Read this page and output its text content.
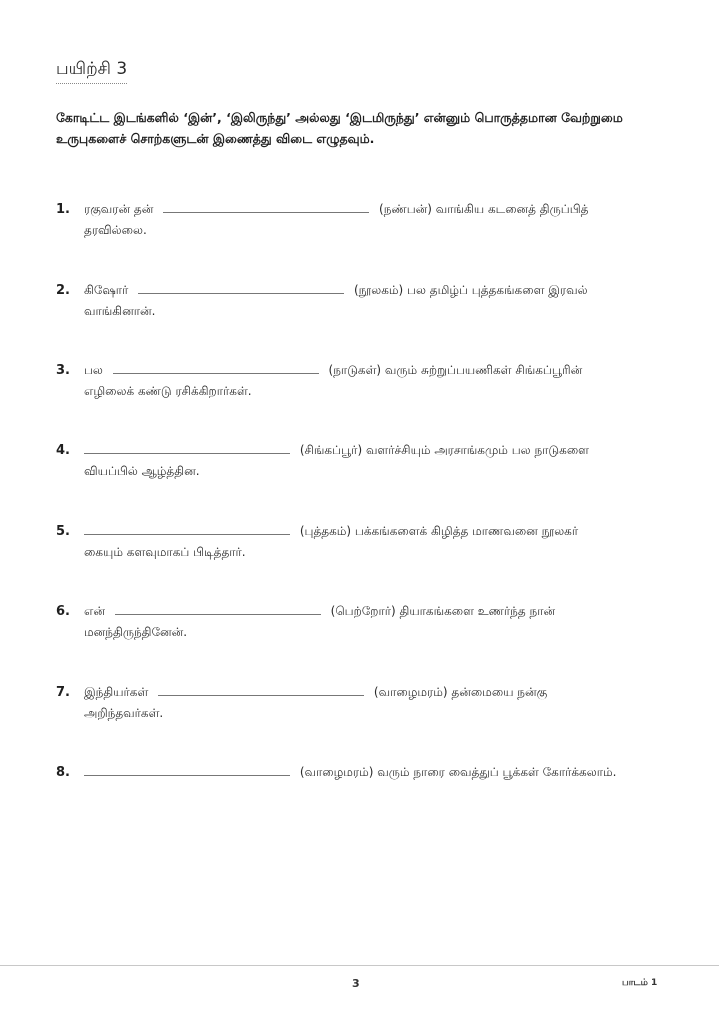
பயிற்சி 3
கோடிட்ட இடங்களில் ‘இன்’, ‘இலிருந்து’ அல்லது ‘இடமிருந்து’ என்னும் பொருத்தமான வேற்றுமை உருபுகளைச் சொற்களுடன் இணைத்து விடை எழுதவும்.
1. ரகுவரன் தன்	(நண்பன்) வாங்கிய கடனைத் திருப்பித்
தரவில்லை.
2. கிஷோர்	(நூலகம்) பல தமிழ்ப் புத்தகங்களை இரவல்
வாங்கினான்.
3. பல	(நாடுகள்) வரும் சுற்றுப்பயணிகள் சிங்கப்பூரின்
எழிலைக் கண்டு ரசிக்கிறார்கள்.
4.	(சிங்கப்பூர்) வளர்ச்சியும் அரசாங்கமும் பல நாடுகளை
வியப்பில் ஆழ்த்தின.
5.	(புத்தகம்) பக்கங்களைக் கிழித்த மாணவனை நூலகர்
கையும் களவுமாகப் பிடித்தார்.
6. என்	(பெற்றோர்) தியாகங்களை உணர்ந்த நான்
மனந்திருந்தினேன்.
7. இந்தியர்கள்	(வாழைமரம்) தன்மையை நன்கு
அறிந்தவர்கள்.
8.	(வாழைமரம்) வரும் நாரை வைத்துப் பூக்கள் கோர்க்கலாம்.
3	பாடம் 1
